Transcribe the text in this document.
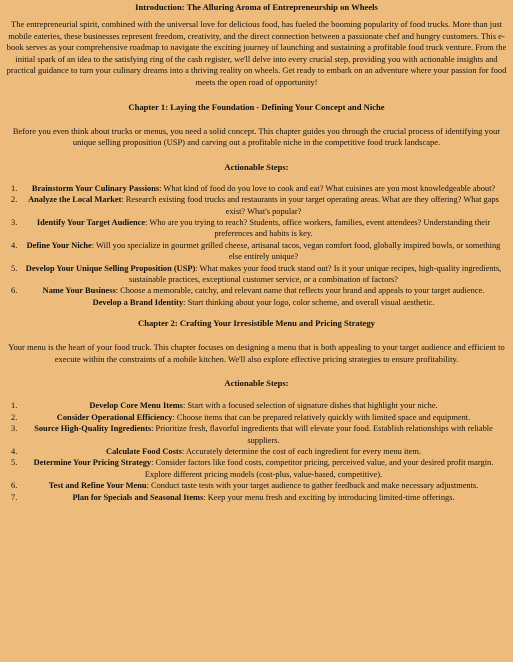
Introduction: The Alluring Aroma of Entrepreneurship on Wheels

The entrepreneurial spirit, combined with the universal love for delicious food, has fueled the booming popularity of food trucks. More than just mobile eateries, these businesses represent freedom, creativity, and the direct connection between a passionate chef and hungry customers. This e-book serves as your comprehensive roadmap to navigate the exciting journey of launching and sustaining a profitable food truck venture. From the initial spark of an idea to the satisfying ring of the cash register, we'll delve into every crucial step, providing you with actionable insights and practical guidance to turn your culinary dreams into a thriving reality on wheels. Get ready to embark on an adventure where your passion for food meets the open road of opportunity!

Chapter 1: Laying the Foundation - Defining Your Concept and Niche

Before you even think about trucks or menus, you need a solid concept. This chapter guides you through the crucial process of identifying your unique selling proposition (USP) and carving out a profitable niche in the competitive food truck landscape.

Actionable Steps:

1. Brainstorm Your Culinary Passions: What kind of food do you love to cook and eat? What cuisines are you most knowledgeable about?
2. Analyze the Local Market: Research existing food trucks and restaurants in your target operating areas. What are they offering? What gaps exist? What's popular?
3. Identify Your Target Audience: Who are you trying to reach? Students, office workers, families, event attendees? Understanding their preferences and habits is key.
4. Define Your Niche: Will you specialize in gourmet grilled cheese, artisanal tacos, vegan comfort food, globally inspired bowls, or something else entirely unique?
5. Develop Your Unique Selling Proposition (USP): What makes your food truck stand out? Is it your unique recipes, high-quality ingredients, sustainable practices, exceptional customer service, or a combination of factors?
6.	Name Your Business: Choose a memorable, catchy, and relevant name that reflects your brand and appeals to your target audience.
Develop a Brand Identity: Start thinking about your logo, color scheme, and overall visual aesthetic.

Chapter 2: Crafting Your Irresistible Menu and Pricing Strategy

Your menu is the heart of your food truck. This chapter focuses on designing a menu that is both appealing to your target audience and efficient to execute within the constraints of a mobile kitchen. We'll also explore effective pricing strategies to ensure profitability.

Actionable Steps:

1.	Develop Core Menu Items: Start with a focused selection of signature dishes that highlight your niche.
2.	Consider Operational Efficiency: Choose items that can be prepared relatively quickly with limited space and equipment.
3. Source High-Quality Ingredients: Prioritize fresh, flavorful ingredients that will elevate your food. Establish relationships with reliable suppliers.
4.	Calculate Food Costs: Accurately determine the cost of each ingredient for every menu item.
5. Determine Your Pricing Strategy: Consider factors like food costs, competitor pricing, perceived value, and your desired profit margin. Explore different pricing models (cost-plus, value-based, competitive).
6.	Test and Refine Your Menu: Conduct taste tests with your target audience to gather feedback and make necessary adjustments.
7.	Plan for Specials and Seasonal Items: Keep your menu fresh and exciting by introducing limited-time offerings.
